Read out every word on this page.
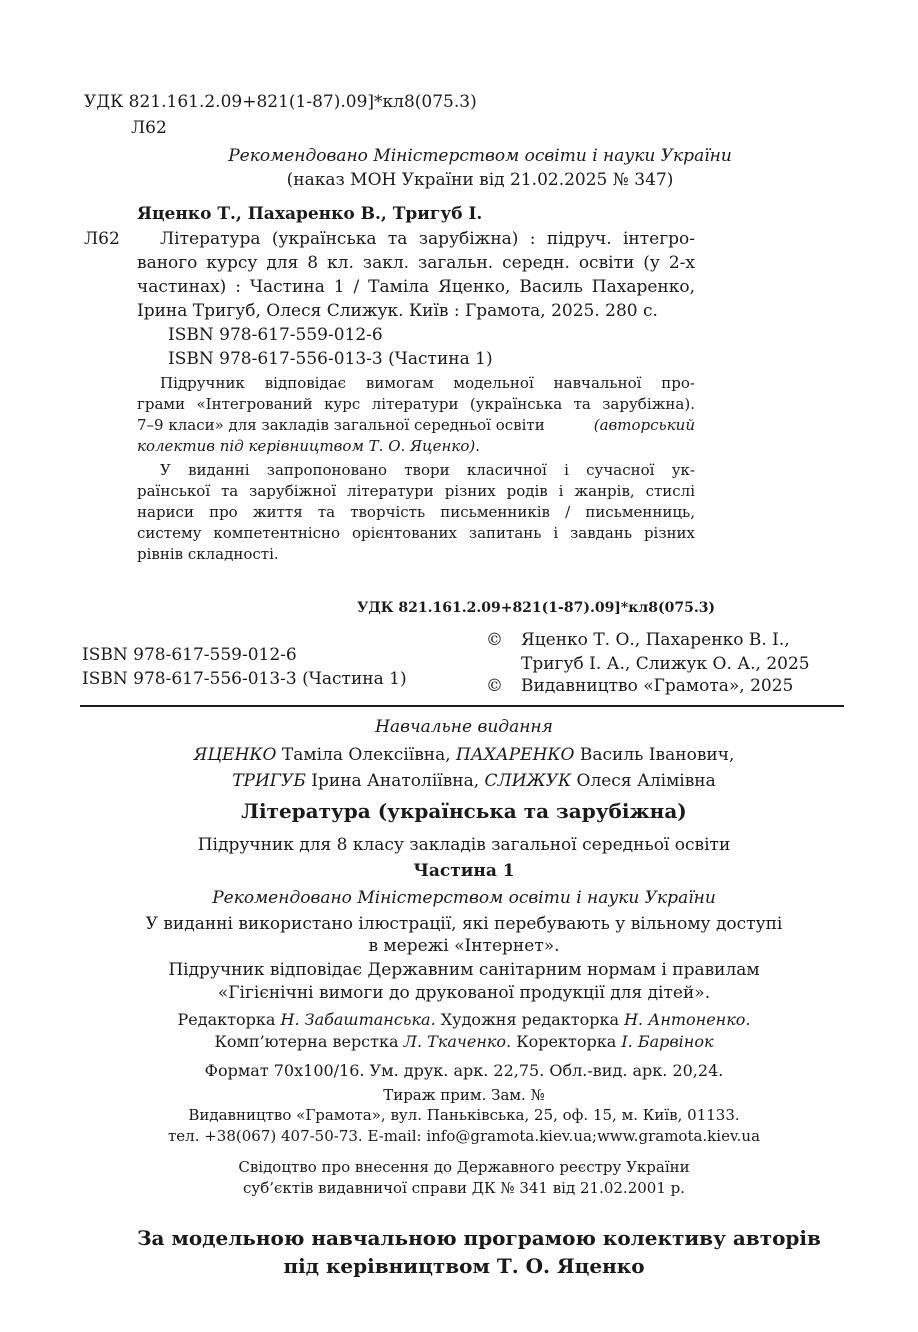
УДК 821.161.2.09+821(1-87).09]*кл8(075.3)
Л62
Рекомендовано Міністерством освіти і науки України
(наказ МОН України від 21.02.2025 № 347)
Яценко Т., Пахаренко В., Тригуб І.
Л62 Література (українська та зарубіжна) : підруч. інтегро-
ваного курсу для 8 кл. закл. загальн. середн. освіти (у 2-х
частинах) : Частина 1 / Таміла Яценко, Василь Пахаренко,
Ірина Тригуб, Олеся Слижук. Київ : Грамота, 2025. 280 с.
ISBN 978-617-559-012-6
ISBN 978-617-556-013-3 (Частина 1)
Підручник відповідає вимогам модельної навчальної про-
грами «Інтегрований курс літератури (українська та зарубіжна).
7–9 класи» для закладів загальної середньої освіти	(авторський
колектив під керівництвом Т. О. Яценко).
У виданні запропоновано твори класичної і сучасної ук-
раїнської та зарубіжної літератури різних родів і жанрів, стислі
нариси про життя та творчість письменників / письменниць,
систему компетентнісно орієнтованих запитань і завдань різних
рівнів складності.
УДК 821.161.2.09+821(1-87).09]*кл8(075.3)
ISBN 978-617-559-012-6
ISBN 978-617-556-013-3 (Частина 1)
© Яценко Т. О., Пахаренко В. І.,
Тригуб І. А., Слижук О. А., 2025
© Видавництво «Грамота», 2025
Навчальне видання
ЯЦЕНКО Таміла Олексіївна, ПАХАРЕНКО Василь Іванович,
ТРИГУБ Ірина Анатоліївна, СЛИЖУК Олеся Алімівна
Література (українська та зарубіжна)
Підручник для 8 класу закладів загальної середньої освіти
Частина 1
Рекомендовано Міністерством освіти і науки України
У виданні використано ілюстрації, які перебувають у вільному доступі
в мережі «Інтернет».
Підручник відповідає Державним санітарним нормам і правилам
«Гігієнічні вимоги до друкованої продукції для дітей».
Редакторка Н. Забаштанська. Художня редакторка Н. Антоненко.
Комп’ютерна верстка Л. Ткаченко. Коректорка І. Барвінок
Формат 70х100/16. Ум. друк. арк. 22,75. Обл.-вид. арк. 20,24.
Тираж прим. Зам. №
Видавництво «Грамота», вул. Паньківська, 25, оф. 15, м. Київ, 01133.
тел. +38(067) 407-50-73. E-mail: info@gramota.kiev.ua;www.gramota.kiev.ua
Свідоцтво про внесення до Державного реєстру України
суб’єктів видавничої справи ДК № 341 від 21.02.2001 р.
За модельною навчальною програмою колективу авторів
під керівництвом Т. О. Яценко
